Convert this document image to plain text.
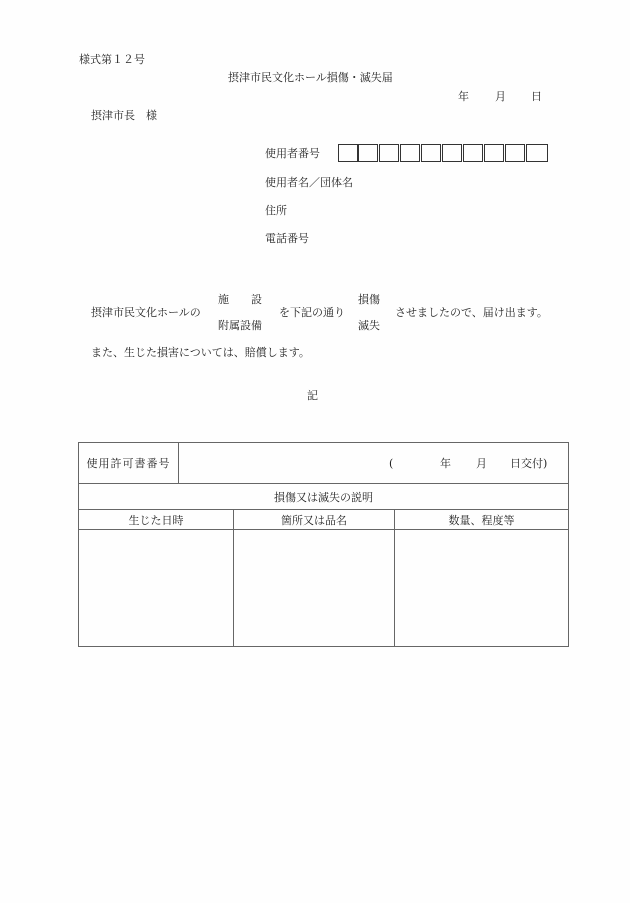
様式第１２号
摂津市民文化ホール損傷・滅失届
年 月 日
摂津市長　様
使用者番号
使用者名／団体名
住所
電話番号
摂津市民文化ホールの
施　　設
附属設備
を下記の通り
損傷
滅失
させましたので、届け出ます。
また、生じた損害については、賠償します。
記
使用許可書番号	( 年 月 日交付)		

損傷又は滅失の説明			
生じた日時		箇所又は品名	数量、程度等
